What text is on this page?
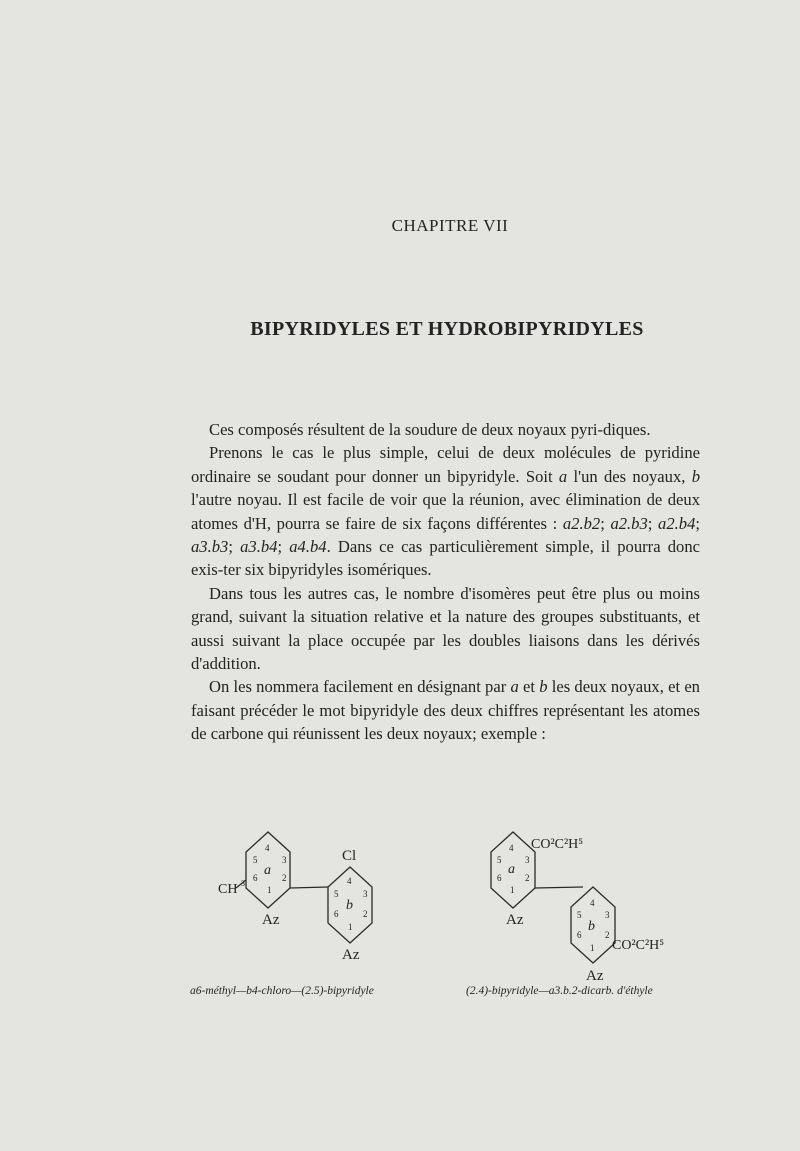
CHAPITRE VII
BIPYRIDYLES ET HYDROBIPYRIDYLES

Ces composés résultent de la soudure de deux noyaux pyri-diques.

Prenons le cas le plus simple, celui de deux molécules de pyridine ordinaire se soudant pour donner un bipyridyle. Soit a l'un des noyaux, b l'autre noyau. Il est facile de voir que la réunion, avec élimination de deux atomes d'H, pourra se faire de six façons différentes : a2.b2; a2.b3; a2.b4; a3.b3; a3.b4; a4.b4. Dans ce cas particulièrement simple, il pourra donc exis-ter six bipyridyles isomériques.

Dans tous les autres cas, le nombre d'isomères peut être plus ou moins grand, suivant la situation relative et la nature des groupes substituants, et aussi suivant la place occupée par les doubles liaisons dans les dérivés d'addition.

On les nommera facilement en désignant par a et b les deux noyaux, et en faisant précéder le mot bipyridyle des deux chiffres représentant les atomes de carbone qui réunissent les deux noyaux; exemple :

4
5	3
6	2
1
4
5	3
6	2
1
a
b
CH 3
Cl
Az
Az
4
5	3
6	2
1
4
5	3
6	2
1
a
b
CO²C²H⁵
CO²C²H⁵
Az
Az
a6-méthyl—b4-chloro—(2.5)-bipyridyle	(2.4)-bipyridyle—a3.b.2-dicarb. d'éthyle
